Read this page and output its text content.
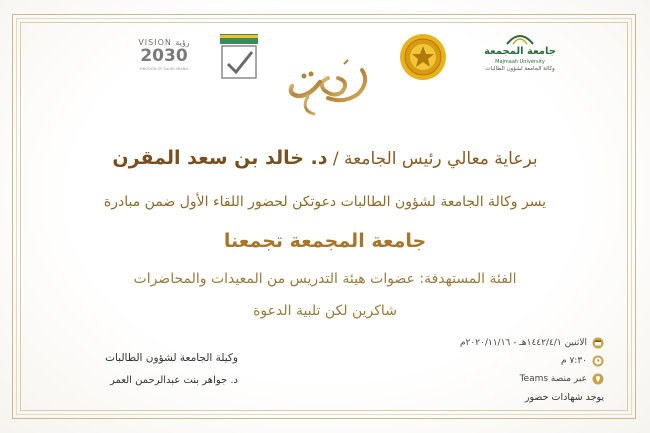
VISION رؤية
2030
KINGDOM OF SAUDI ARABIA
جامعة المجمعة
Majmaah University
وكالة الجامعة لشؤون الطالبات
برعاية معالي رئيس الجامعة / د. خالد بن سعد المقرن
يسر وكالة الجامعة لشؤون الطالبات دعوتكن لحضور اللقاء الأول ضمن مبادرة
جامعة المجمعة تجمعنا
الفئة المستهدفة: عضوات هيئة التدريس من المعيدات والمحاضرات
شاكرين لكن تلبية الدعوة
الاثنين ١٤٤٢/٤/١هـ - ٢٠٢٠/١١/١٦م
٧:٣٠ م
عبر منصة Teams
يوجد شهادات حضور
وكيلة الجامعة لشؤون الطالبات
د. جواهر بنت عبدالرحمن العمر
